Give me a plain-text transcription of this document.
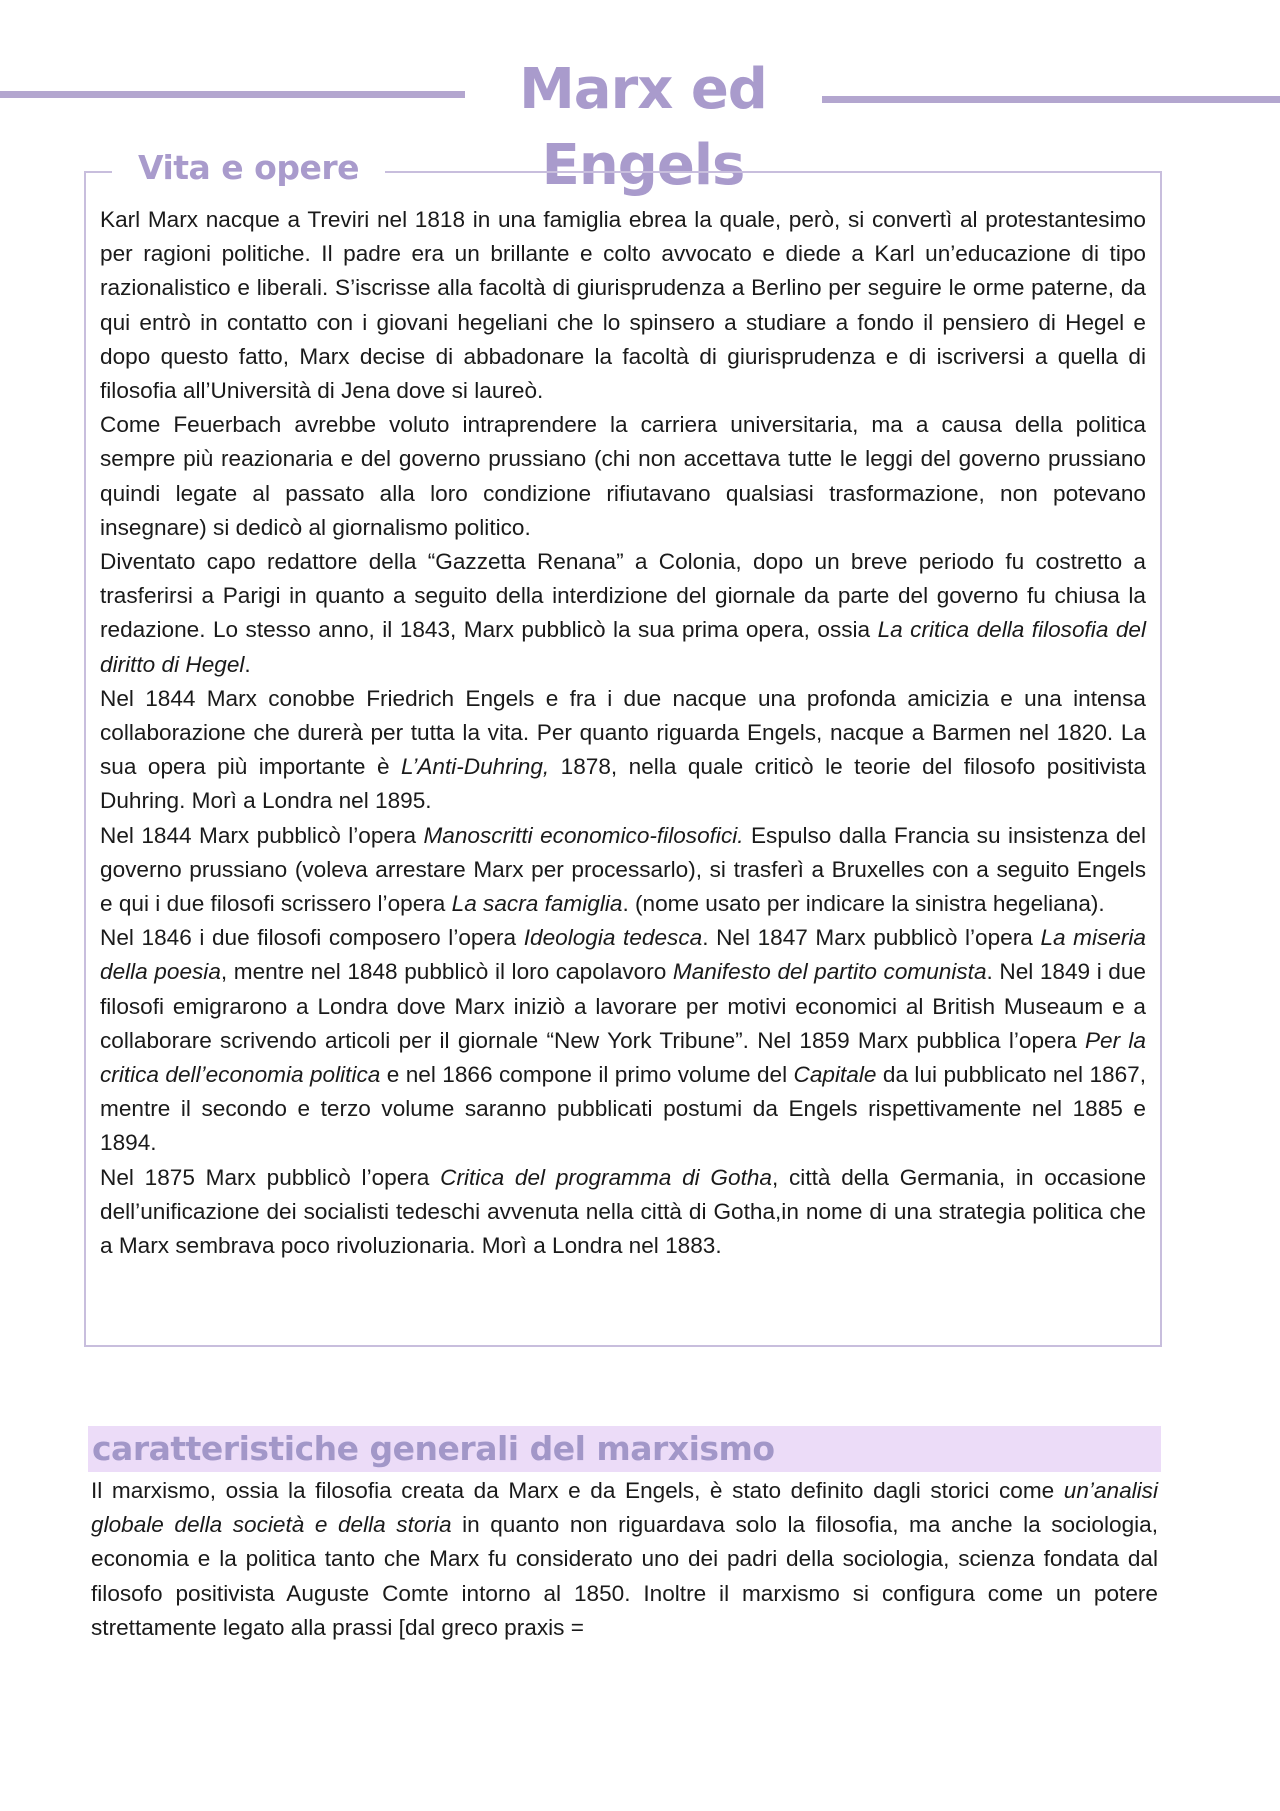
Marx ed Engels
Vita e opere

Karl Marx nacque a Treviri nel 1818 in una famiglia ebrea la quale, però, si convertì al protestantesimo per ragioni politiche. Il padre era un brillante e colto avvocato e diede a Karl un’educazione di tipo razionalistico e liberali. S’iscrisse alla facoltà di giurisprudenza a Berlino per seguire le orme paterne, da qui entrò in contatto con i giovani hegeliani che lo spinsero a studiare a fondo il pensiero di Hegel e dopo questo fatto, Marx decise di abbadonare la facoltà di giurisprudenza e di iscriversi a quella di filosofia all’Università di Jena dove si laureò.

Come Feuerbach avrebbe voluto intraprendere la carriera universitaria, ma a causa della politica sempre più reazionaria e del governo prussiano (chi non accettava tutte le leggi del governo prussiano quindi legate al passato alla loro condizione rifiutavano qualsiasi trasformazione, non potevano insegnare) si dedicò al giornalismo politico.

Diventato capo redattore della “Gazzetta Renana” a Colonia, dopo un breve periodo fu costretto a trasferirsi a Parigi in quanto a seguito della interdizione del giornale da parte del governo fu chiusa la redazione. Lo stesso anno, il 1843, Marx pubblicò la sua prima opera, ossia La critica della filosofia del diritto di Hegel.

Nel 1844 Marx conobbe Friedrich Engels e fra i due nacque una profonda amicizia e una intensa collaborazione che durerà per tutta la vita. Per quanto riguarda Engels, nacque a Barmen nel 1820. La sua opera più importante è L’Anti-Duhring, 1878, nella quale criticò le teorie del filosofo positivista Duhring. Morì a Londra nel 1895.

Nel 1844 Marx pubblicò l’opera Manoscritti economico-filosofici. Espulso dalla Francia su insistenza del governo prussiano (voleva arrestare Marx per processarlo), si trasferì a Bruxelles con a seguito Engels e qui i due filosofi scrissero l’opera La sacra famiglia. (nome usato per indicare la sinistra hegeliana).

Nel 1846 i due filosofi composero l’opera Ideologia tedesca. Nel 1847 Marx pubblicò l’opera La miseria della poesia, mentre nel 1848 pubblicò il loro capolavoro Manifesto del partito comunista. Nel 1849 i due filosofi emigrarono a Londra dove Marx iniziò a lavorare per motivi economici al British Museaum e a collaborare scrivendo articoli per il giornale “New York Tribune”. Nel 1859 Marx pubblica l’opera Per la critica dell’economia politica e nel 1866 compone il primo volume del Capitale da lui pubblicato nel 1867, mentre il secondo e terzo volume saranno pubblicati postumi da Engels rispettivamente nel 1885 e 1894.

Nel 1875 Marx pubblicò l’opera Critica del programma di Gotha, città della Germania, in occasione dell’unificazione dei socialisti tedeschi avvenuta nella città di Gotha,in nome di una strategia politica che a Marx sembrava poco rivoluzionaria. Morì a Londra nel 1883.

caratteristiche generali del marxismo

Il marxismo, ossia la filosofia creata da Marx e da Engels, è stato definito dagli storici come un’analisi globale della società e della storia in quanto non riguardava solo la filosofia, ma anche la sociologia, economia e la politica tanto che Marx fu considerato uno dei padri della sociologia, scienza fondata dal filosofo positivista Auguste Comte intorno al 1850. Inoltre il marxismo si configura come un potere strettamente legato alla prassi [dal greco praxis =
